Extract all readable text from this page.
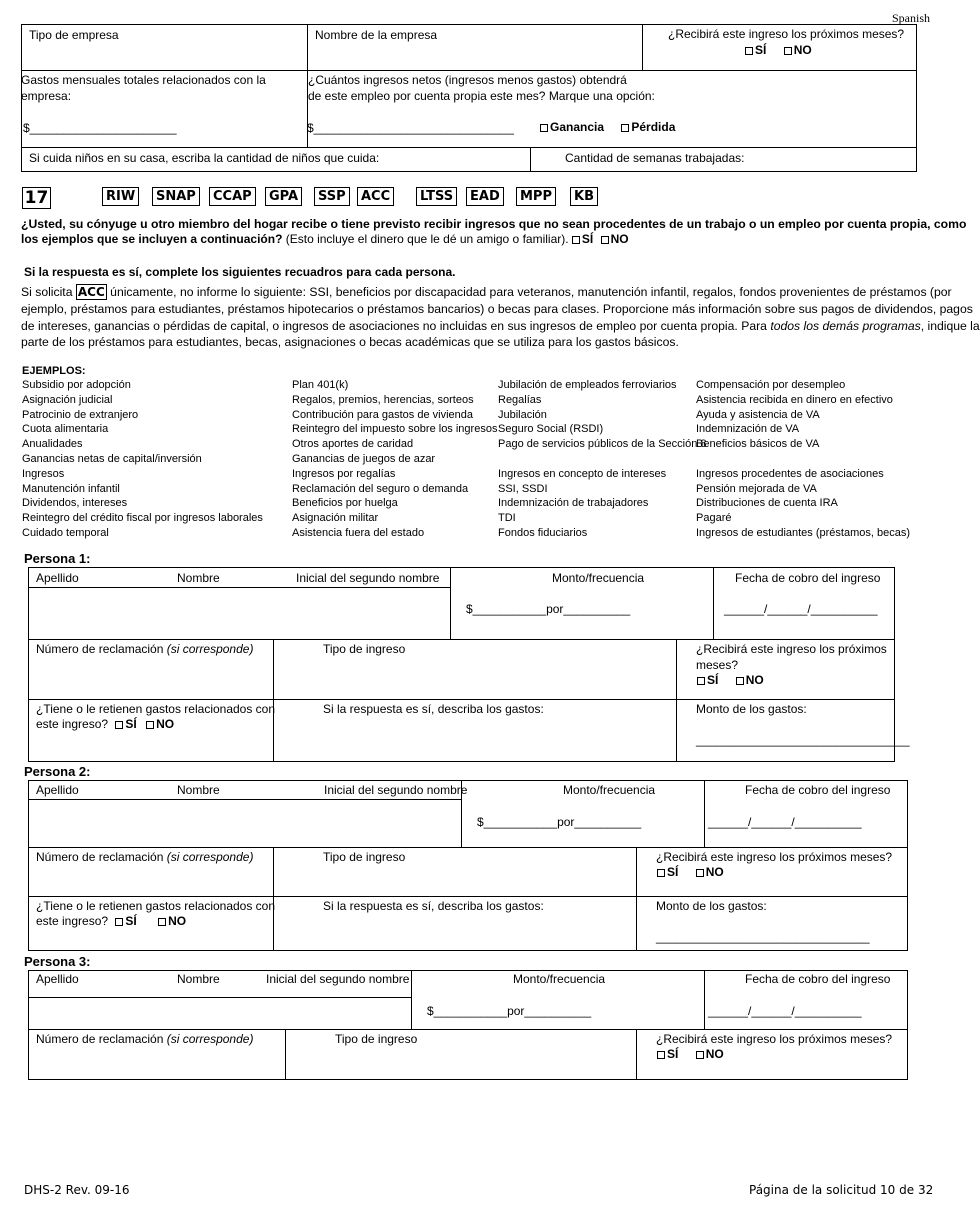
Spanish
Tipo de empresa	Nombre de la empresa	¿Recibirá este ingreso los próximos meses?
SÍ NO
Gastos mensuales totales relacionados con la
empresa:
¿Cuántos ingresos netos (ingresos menos gastos) obtendrá
de este empleo por cuenta propia este mes? Marque una opción:
$______________________	$______________________________	Ganancia Pérdida
Si cuida niños en su casa, escriba la cantidad de niños que cuida:	Cantidad de semanas trabajadas:
17	RIW	SNAP	CCAP	GPA	SSP	ACC	LTSS	EAD	MPP	KB
¿Usted, su cónyuge u otro miembro del hogar recibe o tiene previsto recibir ingresos que no sean procedentes de un trabajo o un empleo por cuenta propia, como
los ejemplos que se incluyen a continuación? (Esto incluye el dinero que le dé un amigo o familiar). SÍ NO
Si la respuesta es sí, complete los siguientes recuadros para cada persona.
Si solicita ACC únicamente, no informe lo siguiente: SSI, beneficios por discapacidad para veteranos, manutención infantil, regalos, fondos provenientes de préstamos (por
ejemplo, préstamos para estudiantes, préstamos hipotecarios o préstamos bancarios) o becas para clases. Proporcione más información sobre sus pagos de dividendos, pagos
de intereses, ganancias o pérdidas de capital, o ingresos de asociaciones no incluidas en sus ingresos de empleo por cuenta propia. Para todos los demás programas, indique la
parte de los préstamos para estudiantes, becas, asignaciones o becas académicas que se utiliza para los gastos básicos.
EJEMPLOS:
Subsidio por adopción
Asignación judicial
Patrocinio de extranjero
Cuota alimentaria
Anualidades
Ganancias netas de capital/inversión
Ingresos
Manutención infantil
Dividendos, intereses
Reintegro del crédito fiscal por ingresos laborales
Cuidado temporal
Plan 401(k)
Regalos, premios, herencias, sorteos
Contribución para gastos de vivienda
Reintegro del impuesto sobre los ingresos
Otros aportes de caridad
Ganancias de juegos de azar
Ingresos por regalías
Reclamación del seguro o demanda
Beneficios por huelga
Asignación militar
Asistencia fuera del estado
Jubilación de empleados ferroviarios
Regalías
Jubilación
Seguro Social (RSDI)
Pago de servicios públicos de la Sección 8

Ingresos en concepto de intereses
SSI, SSDI
Indemnización de trabajadores
TDI
Fondos fiduciarios
Compensación por desempleo
Asistencia recibida en dinero en efectivo
Ayuda y asistencia de VA
Indemnización de VA
Beneficios básicos de VA

Ingresos procedentes de asociaciones
Pensión mejorada de VA
Distribuciones de cuenta IRA
Pagaré
Ingresos de estudiantes (préstamos, becas)
Persona 1:
Apellido	Nombre	Inicial del segundo nombre	Monto/frecuencia	Fecha de cobro del ingreso
$___________por__________	______/______/__________
Número de reclamación (si corresponde)	Tipo de ingreso	¿Recibirá este ingreso los próximos
meses?
SÍ NO
¿Tiene o le retienen gastos relacionados con
este ingreso? SÍ NO
Si la respuesta es sí, describa los gastos:	Monto de los gastos:
________________________________
Persona 2:
Apellido	Nombre	Inicial del segundo nombre	Monto/frecuencia	Fecha de cobro del ingreso
$___________por__________	______/______/__________
Número de reclamación (si corresponde)	Tipo de ingreso	¿Recibirá este ingreso los próximos meses?
SÍ NO
¿Tiene o le retienen gastos relacionados con
este ingreso? SÍ	NO
Si la respuesta es sí, describa los gastos:	Monto de los gastos:
________________________________
Persona 3:
Apellido	Nombre	Inicial del segundo nombre	Monto/frecuencia	Fecha de cobro del ingreso
$___________por__________	______/______/__________
Número de reclamación (si corresponde)	Tipo de ingreso	¿Recibirá este ingreso los próximos meses?
SÍ NO
DHS-2 Rev. 09-16	Página de la solicitud 10 de 32
